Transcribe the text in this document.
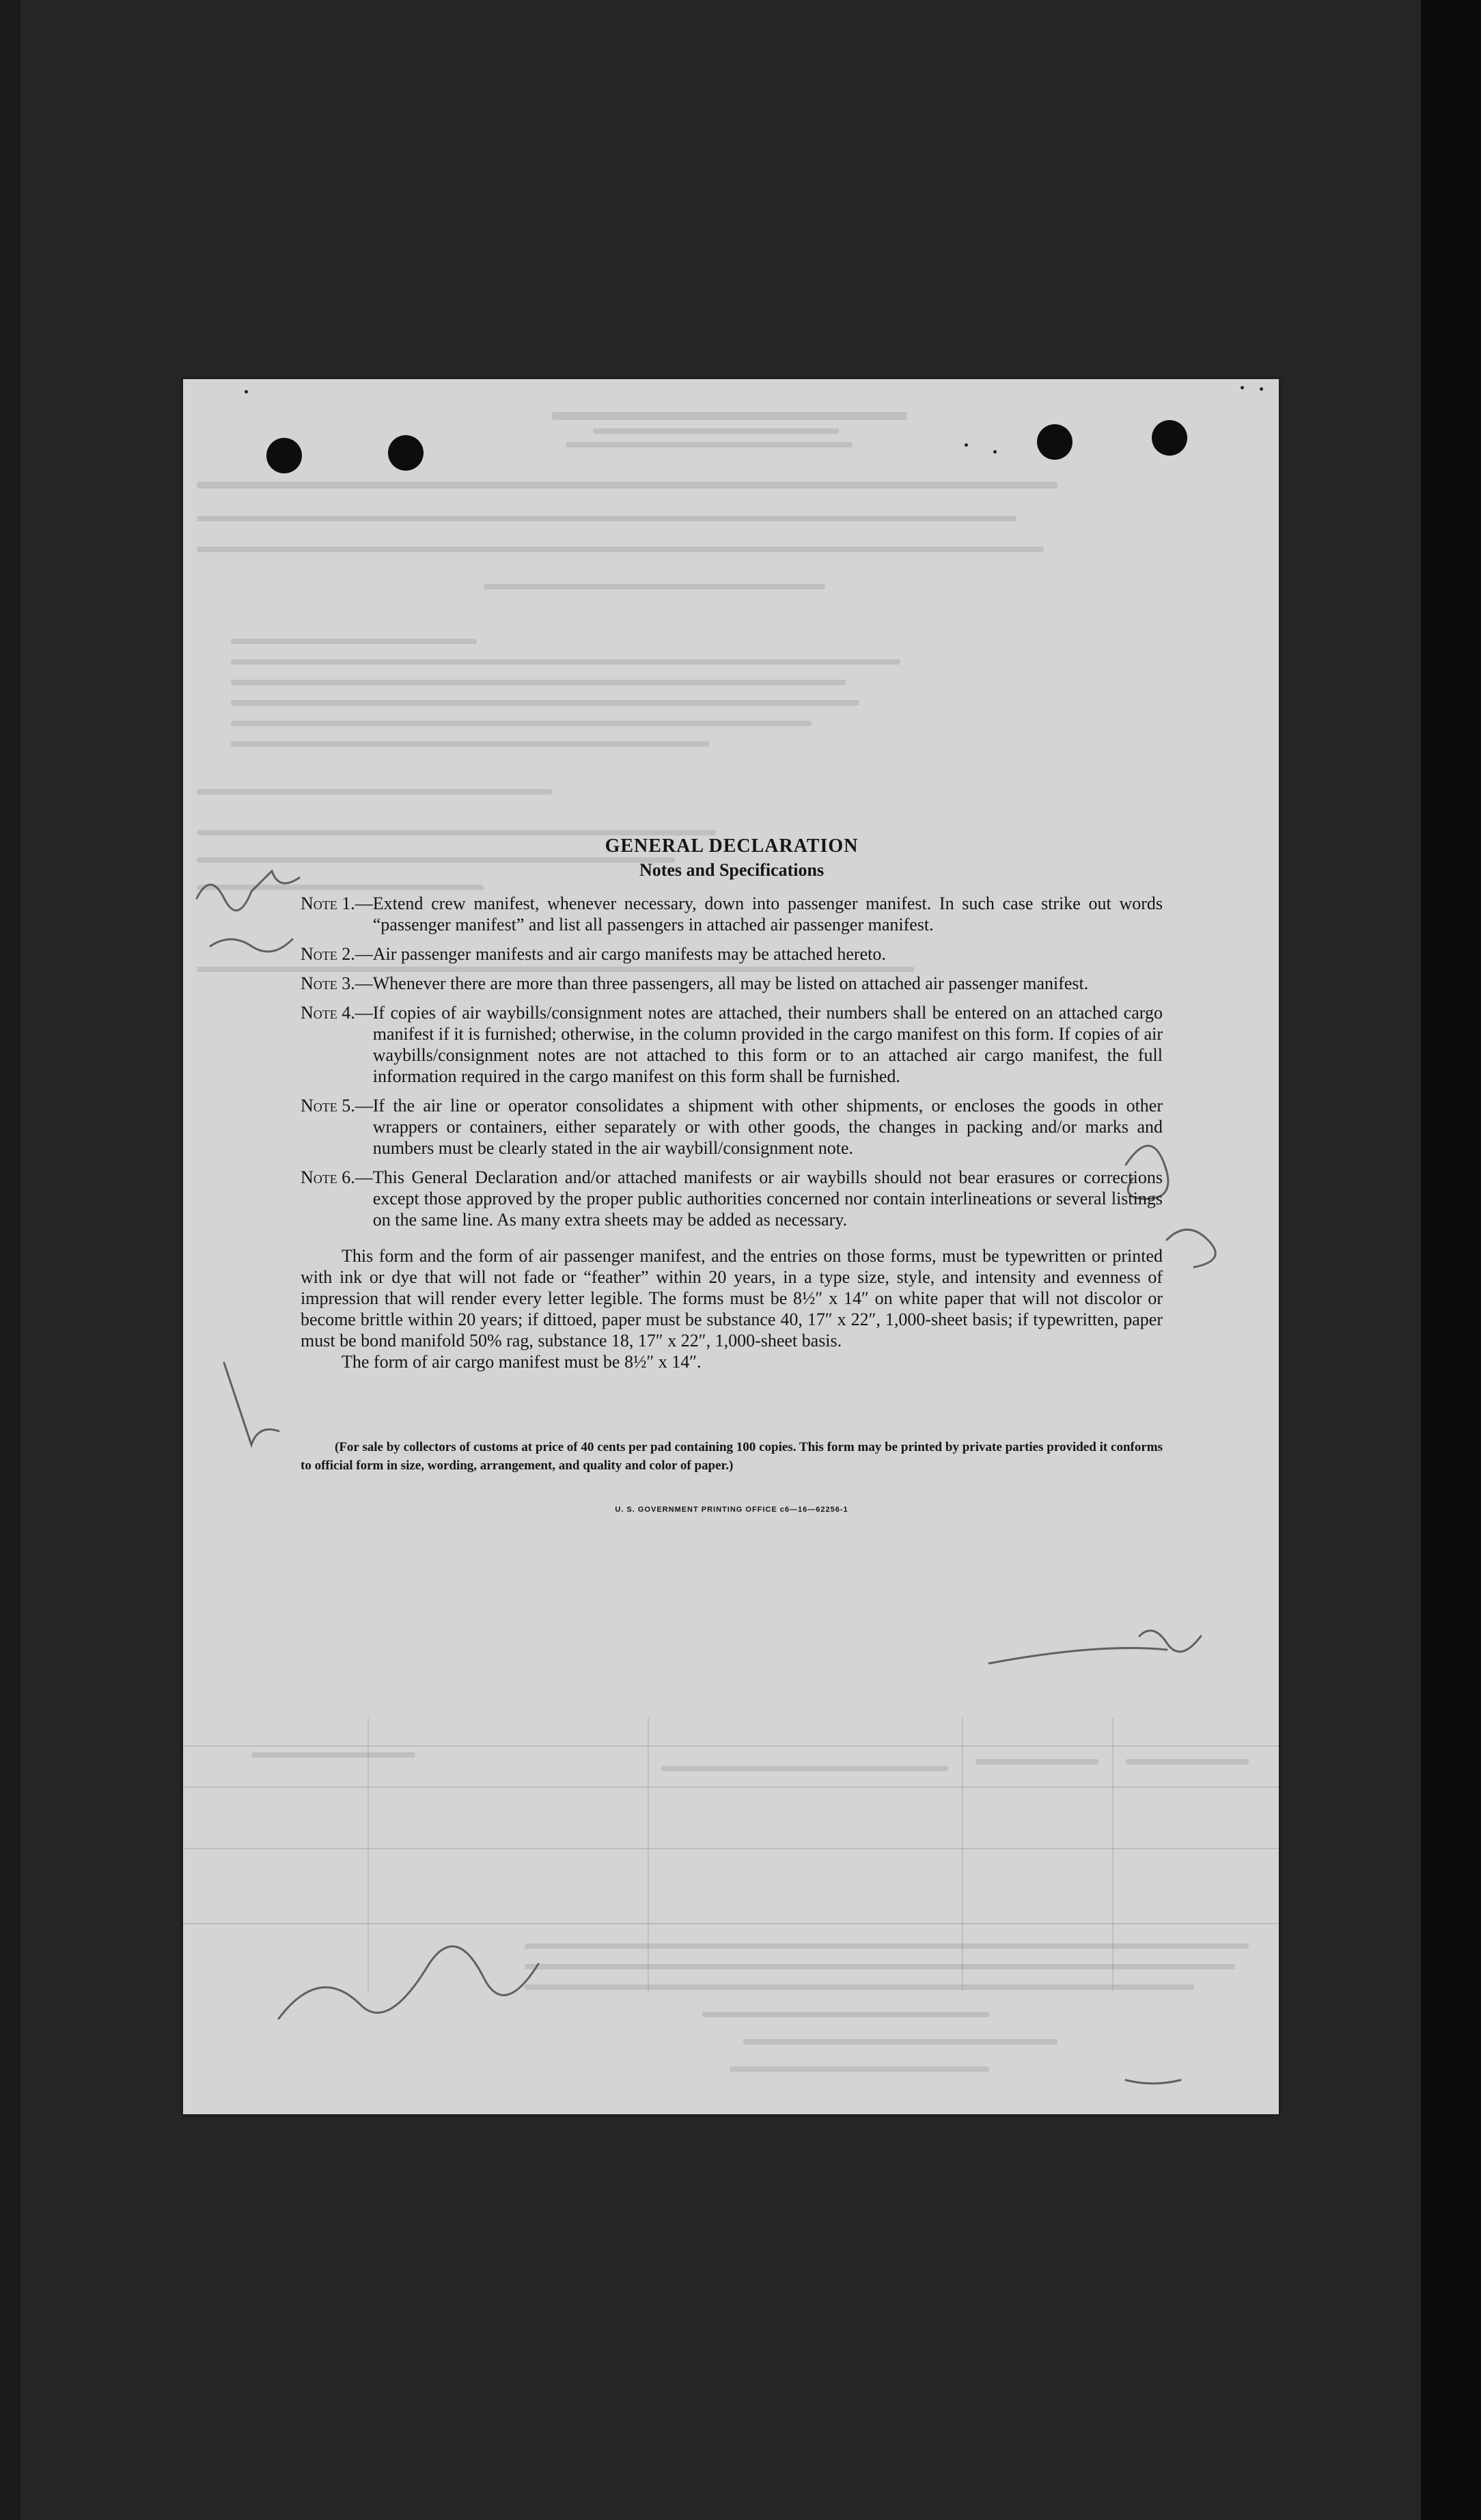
GENERAL DECLARATION

Notes and Specifications

Note 1.— Extend crew manifest, whenever necessary, down into passenger manifest. In such case strike out words “passenger manifest” and list all passengers in attached air passenger manifest.
Note 2.— Air passenger manifests and air cargo manifests may be attached hereto.
Note 3.— Whenever there are more than three passengers, all may be listed on attached air passenger manifest.
Note 4.— If copies of air waybills/consignment notes are attached, their numbers shall be entered on an attached cargo manifest if it is furnished; otherwise, in the column provided in the cargo manifest on this form. If copies of air waybills/consignment notes are not attached to this form or to an attached air cargo manifest, the full information required in the cargo manifest on this form shall be furnished.
Note 5.— If the air line or operator consolidates a shipment with other shipments, or encloses the goods in other wrappers or containers, either separately or with other goods, the changes in packing and/or marks and numbers must be clearly stated in the air waybill/consignment note.
Note 6.— This General Declaration and/or attached manifests or air waybills should not bear erasures or corrections except those approved by the proper public authorities concerned nor contain interlineations or several listings on the same line. As many extra sheets may be added as necessary.

This form and the form of air passenger manifest, and the entries on those forms, must be typewritten or printed with ink or dye that will not fade or “feather” within 20 years, in a type size, style, and intensity and evenness of impression that will render every letter legible. The forms must be 8½″ x 14″ on white paper that will not discolor or become brittle within 20 years; if dittoed, paper must be substance 40, 17″ x 22″, 1,000-sheet basis; if typewritten, paper must be bond manifold 50% rag, substance 18, 17″ x 22″, 1,000-sheet basis.

The form of air cargo manifest must be 8½″ x 14″.

(For sale by collectors of customs at price of 40 cents per pad containing 100 copies. This form may be printed by private parties provided it conforms to official form in size, wording, arrangement, and quality and color of paper.)

U. S. GOVERNMENT PRINTING OFFICE c6—16—62256-1
